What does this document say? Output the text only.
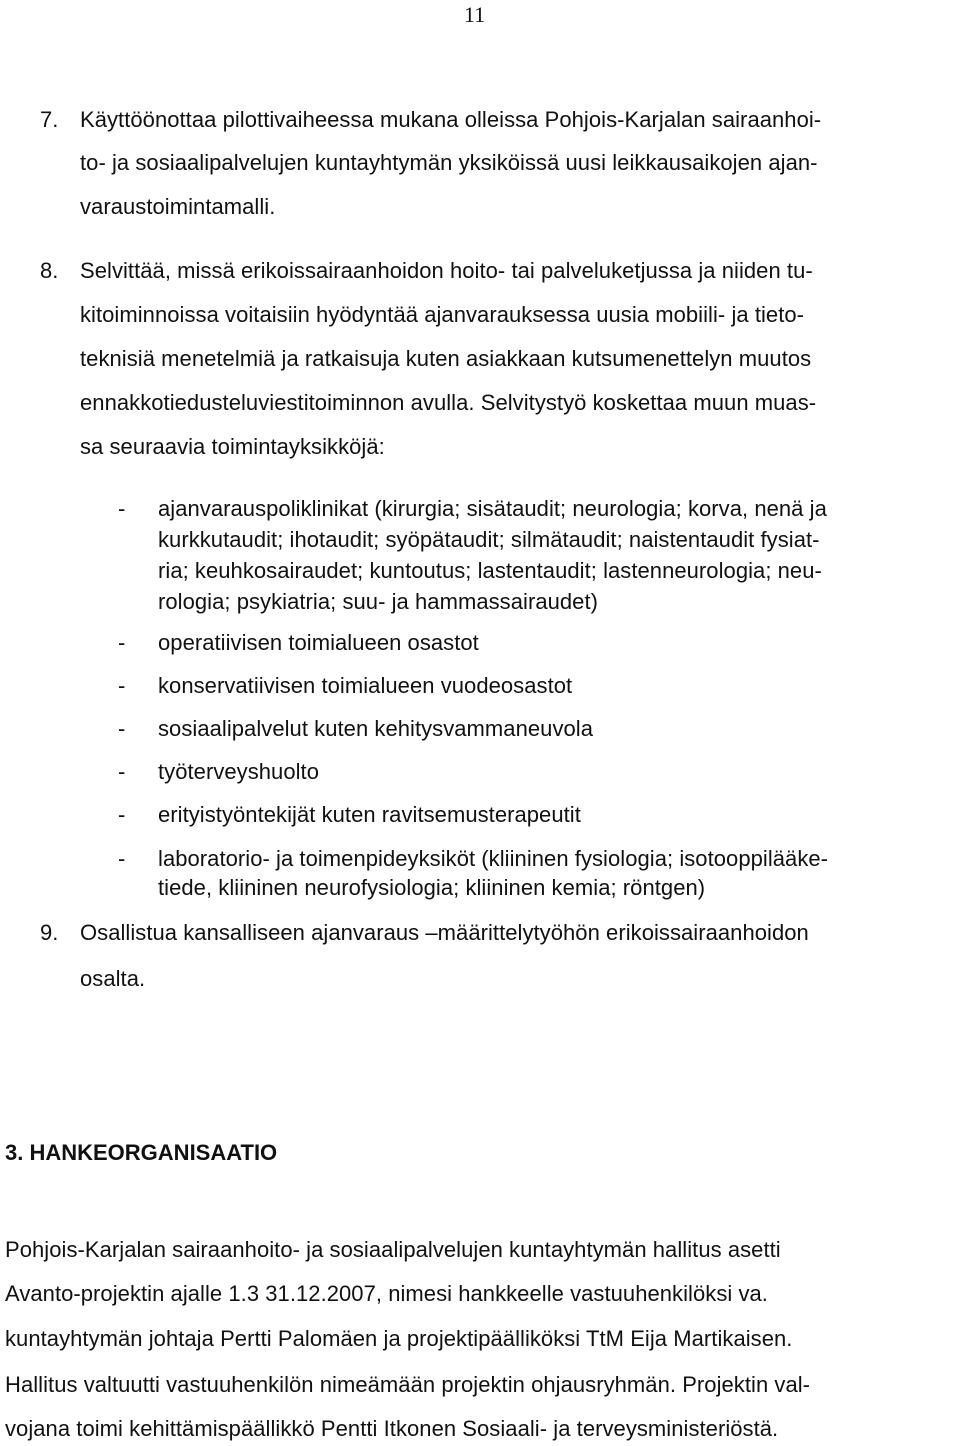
11
7. Käyttöönottaa pilottivaiheessa mukana olleissa Pohjois-Karjalan sairaanhoi-
to- ja sosiaalipalvelujen kuntayhtymän yksiköissä uusi leikkausaikojen ajan-
varaustoimintamalli.
8. Selvittää, missä erikoissairaanhoidon hoito- tai palveluketjussa ja niiden tu-
kitoiminnoissa voitaisiin hyödyntää ajanvarauksessa uusia mobiili- ja tieto-
teknisiä menetelmiä ja ratkaisuja kuten asiakkaan kutsumenettelyn muutos
ennakkotiedusteluviestitoiminnon avulla. Selvitystyö koskettaa muun muas-
sa seuraavia toimintayksikköjä:
- ajanvarauspoliklinikat (kirurgia; sisätaudit; neurologia; korva, nenä ja
kurkkutaudit; ihotaudit; syöpätaudit; silmätaudit; naistentaudit fysiat-
ria; keuhkosairaudet; kuntoutus; lastentaudit; lastenneurologia; neu-
rologia; psykiatria; suu- ja hammassairaudet)
- operatiivisen toimialueen osastot
- konservatiivisen toimialueen vuodeosastot
- sosiaalipalvelut kuten kehitysvammaneuvola
- työterveyshuolto
- erityistyöntekijät kuten ravitsemusterapeutit
- laboratorio- ja toimenpideyksiköt (kliininen fysiologia; isotooppilääke-
tiede, kliininen neurofysiologia; kliininen kemia; röntgen)
9. Osallistua kansalliseen ajanvaraus –määrittelytyöhön erikoissairaanhoidon
osalta.
3. HANKEORGANISAATIO
Pohjois-Karjalan sairaanhoito- ja sosiaalipalvelujen kuntayhtymän hallitus asetti
Avanto-projektin ajalle 1.3 31.12.2007, nimesi hankkeelle vastuuhenkilöksi va.
kuntayhtymän johtaja Pertti Palomäen ja projektipäälliköksi TtM Eija Martikaisen.
Hallitus valtuutti vastuuhenkilön nimeämään projektin ohjausryhmän. Projektin val-
vojana toimi kehittämispäällikkö Pentti Itkonen Sosiaali- ja terveysministeriöstä.
